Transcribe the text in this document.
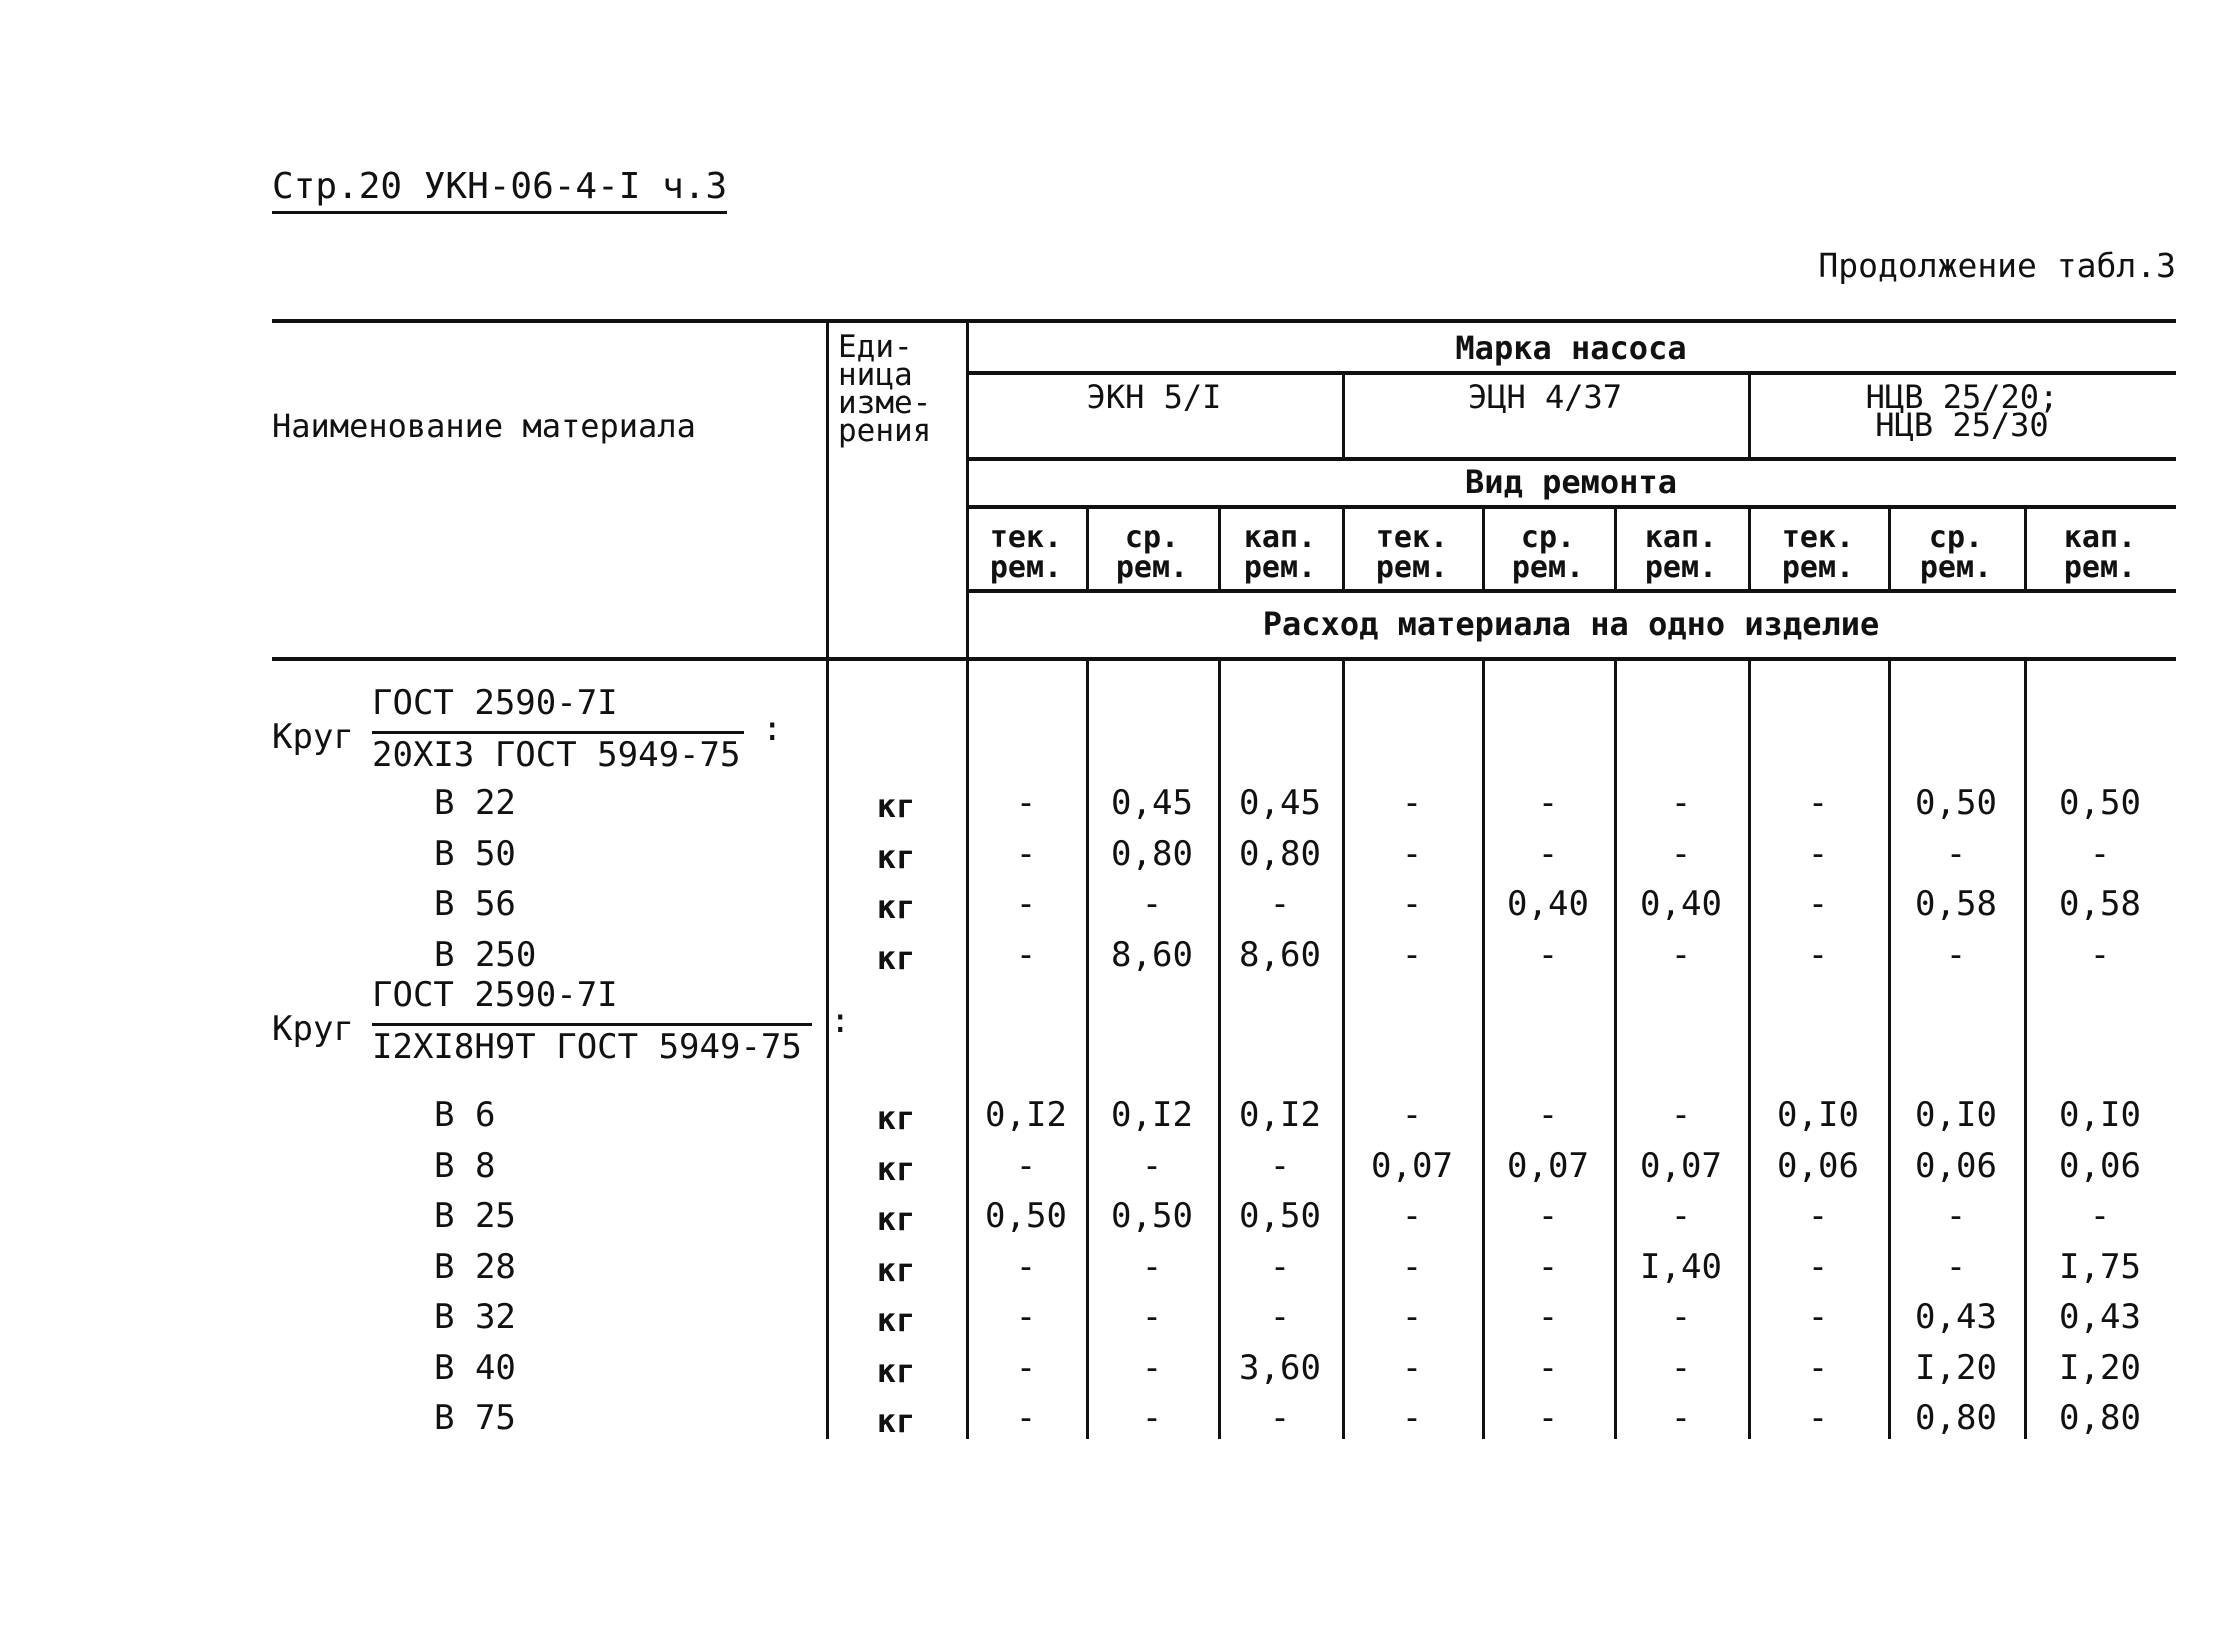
Стр.20 УКН-06-4-I ч.3
Продолжение табл.3
Наименование материала
Еди-
ница
изме-
рения
Марка насоса
ЭКН 5/I	ЭЦН 4/37	НЦВ 25/20;
НЦВ 25/30
Вид ремонта
тек.
рем.
ср.
рем.
кап.
рем.
тек.
рем.
ср.
рем.
кап.
рем.
тек.
рем.
ср.
рем.
кап.
рем.
Расход материала на одно изделие
Круг
ГОСТ 2590-7I
20XI3 ГОСТ 5949-75
:
В 22	кг	-	0,45	0,45	-	-	-	-	0,50	0,50
В 50	кг	-	0,80	0,80	-	-	-	-	-	-
В 56	кг	-	-	-	-	0,40	0,40	-	0,58	0,58
В 250	кг	-	8,60	8,60	-	-	-	-	-	-
Круг
ГОСТ 2590-7I
I2XI8H9T ГОСТ 5949-75
:
В 6	кг	0,I2	0,I2	0,I2	-	-	-	0,I0	0,I0	0,I0
В 8	кг	-	-	-	0,07	0,07	0,07	0,06	0,06	0,06
В 25	кг	0,50	0,50	0,50	-	-	-	-	-	-
В 28	кг	-	-	-	-	-	I,40	-	-	I,75
В 32	кг	-	-	-	-	-	-	-	0,43	0,43
В 40	кг	-	-	3,60	-	-	-	-	I,20	I,20
В 75	кг	-	-	-	-	-	-	-	0,80	0,80
